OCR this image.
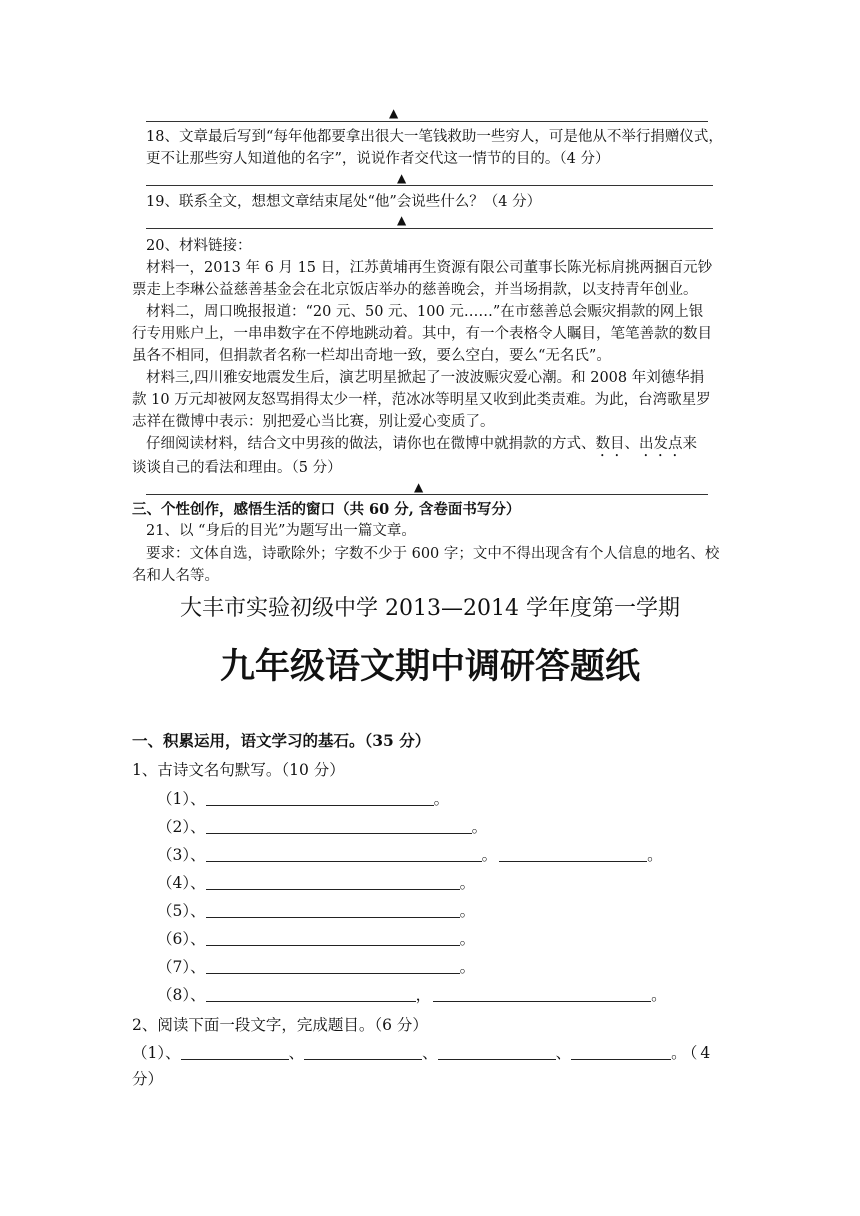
▲
18、文章最后写到“每年他都要拿出很大一笔钱救助一些穷人，可是他从不举行捐赠仪式，
更不让那些穷人知道他的名字”，说说作者交代这一情节的目的。（4 分）
▲
19、联系全文，想想文章结束尾处“他”会说些什么？（4 分）
▲
20、材料链接：
材料一，2013 年 6 月 15 日，江苏黄埔再生资源有限公司董事长陈光标肩挑两捆百元钞
票走上李琳公益慈善基金会在北京饭店举办的慈善晚会，并当场捐款，以支持青年创业。
材料二，周口晚报报道：“20 元、50 元、100 元……”在市慈善总会赈灾捐款的网上银
行专用账户上，一串串数字在不停地跳动着。其中，有一个表格令人瞩目，笔笔善款的数目
虽各不相同，但捐款者名称一栏却出奇地一致，要么空白，要么“无名氏”。
材料三,四川雅安地震发生后，演艺明星掀起了一波波赈灾爱心潮。和 2008 年刘德华捐
款 10 万元却被网友怒骂捐得太少一样，范冰冰等明星又收到此类责难。为此，台湾歌星罗
志祥在微博中表示：别把爱心当比赛，别让爱心变质了。
仔细阅读材料，结合文中男孩的做法，请你也在微博中就捐款的方式、数目、出发点来
谈谈自己的看法和理由。（5 分）
▲
三、个性创作，感悟生活的窗口（共 60 分, 含卷面书写分）
21、以 “身后的目光”为题写出一篇文章。
要求：文体自选，诗歌除外；字数不少于 600 字；文中不得出现含有个人信息的地名、校
名和人名等。
大丰市实验初级中学 2013—2014 学年度第一学期
九年级语文期中调研答题纸
一、积累运用，语文学习的基石。（35 分）
1、古诗文名句默写。（10 分）
（1）、	。
（2）、	。
（3）、	。	。
（4）、	。
（5）、	。
（6）、	。
（7）、	。
（8）、	，	。
2、阅读下面一段文字，完成题目。（6 分）
（1）、	、	、	、	。（4
分）
